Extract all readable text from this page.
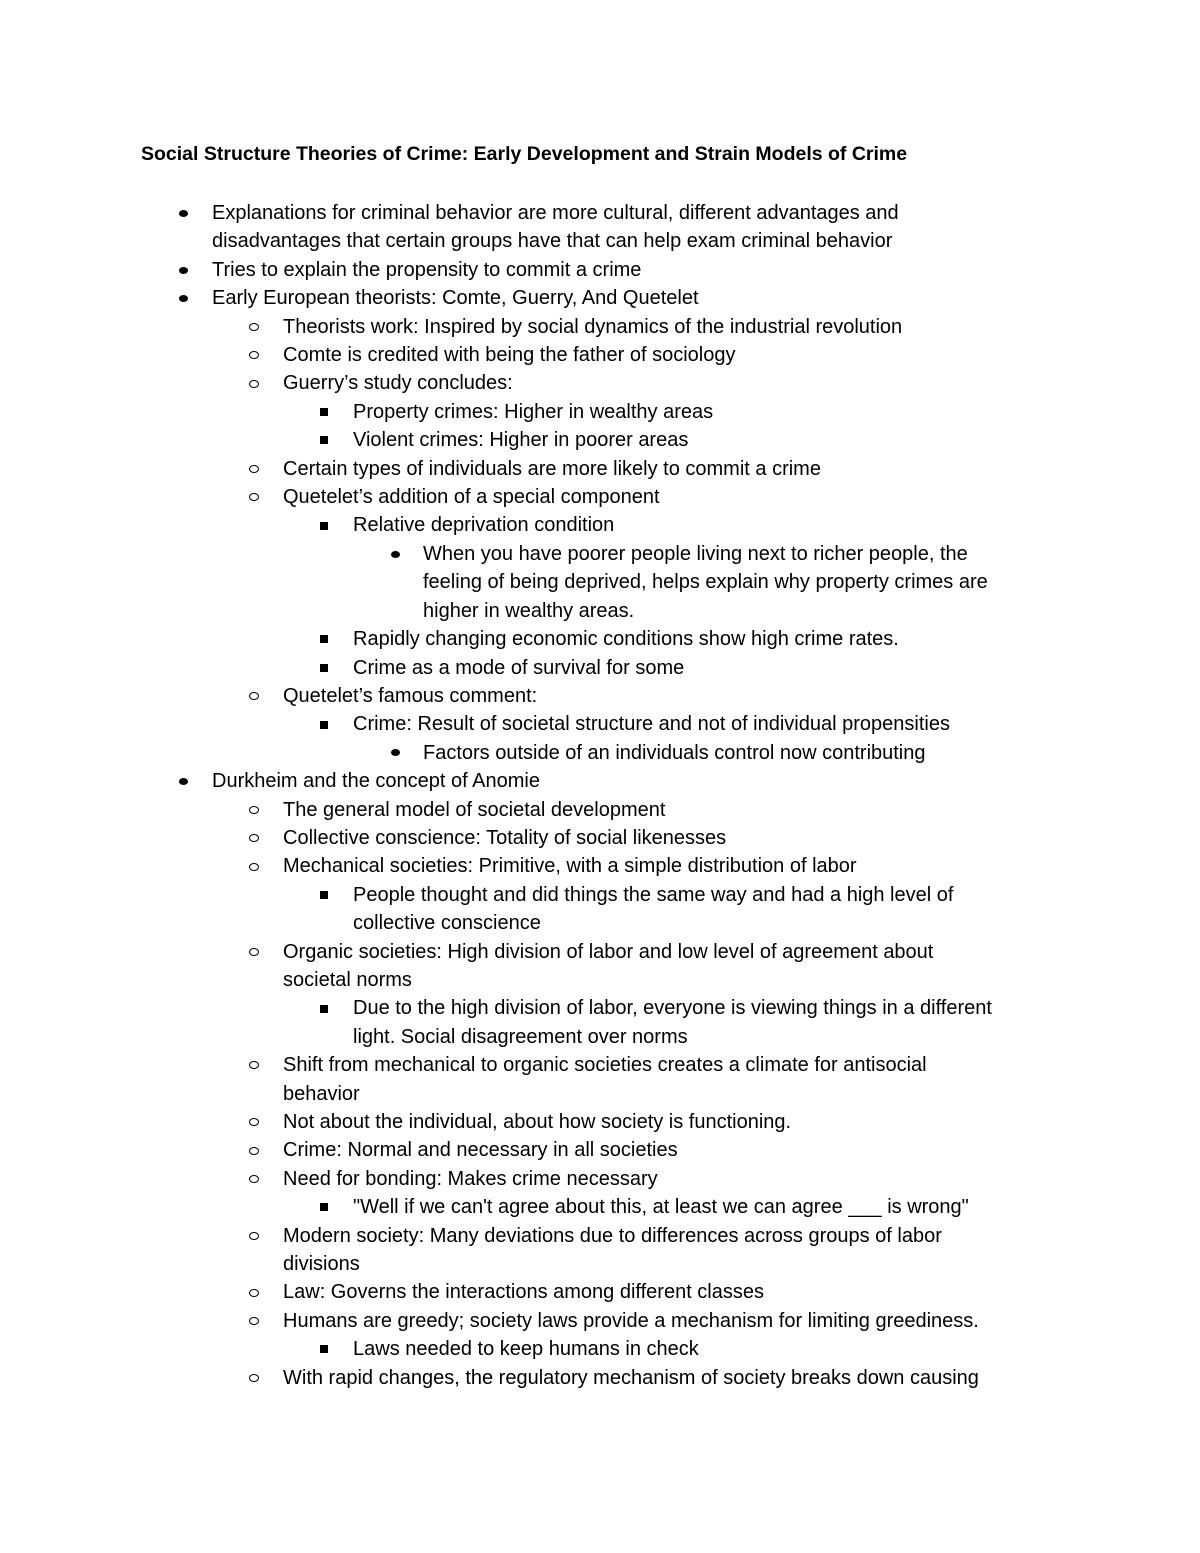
Social Structure Theories of Crime: Early Development and Strain Models of Crime
Explanations for criminal behavior are more cultural, different advantages and
disadvantages that certain groups have that can help exam criminal behavior
Tries to explain the propensity to commit a crime
Early European theorists: Comte, Guerry, And Quetelet
Theorists work: Inspired by social dynamics of the industrial revolution
Comte is credited with being the father of sociology
Guerry’s study concludes:
Property crimes: Higher in wealthy areas
Violent crimes: Higher in poorer areas
Certain types of individuals are more likely to commit a crime
Quetelet’s addition of a special component
Relative deprivation condition
When you have poorer people living next to richer people, the
feeling of being deprived, helps explain why property crimes are
higher in wealthy areas.
Rapidly changing economic conditions show high crime rates.
Crime as a mode of survival for some
Quetelet’s famous comment:
Crime: Result of societal structure and not of individual propensities
Factors outside of an individuals control now contributing
Durkheim and the concept of Anomie
The general model of societal development
Collective conscience: Totality of social likenesses
Mechanical societies: Primitive, with a simple distribution of labor
People thought and did things the same way and had a high level of
collective conscience
Organic societies: High division of labor and low level of agreement about
societal norms
Due to the high division of labor, everyone is viewing things in a different
light. Social disagreement over norms
Shift from mechanical to organic societies creates a climate for antisocial
behavior
Not about the individual, about how society is functioning.
Crime: Normal and necessary in all societies
Need for bonding: Makes crime necessary
"Well if we can't agree about this, at least we can agree ___ is wrong"
Modern society: Many deviations due to differences across groups of labor
divisions
Law: Governs the interactions among different classes
Humans are greedy; society laws provide a mechanism for limiting greediness.
Laws needed to keep humans in check
With rapid changes, the regulatory mechanism of society breaks down causing
